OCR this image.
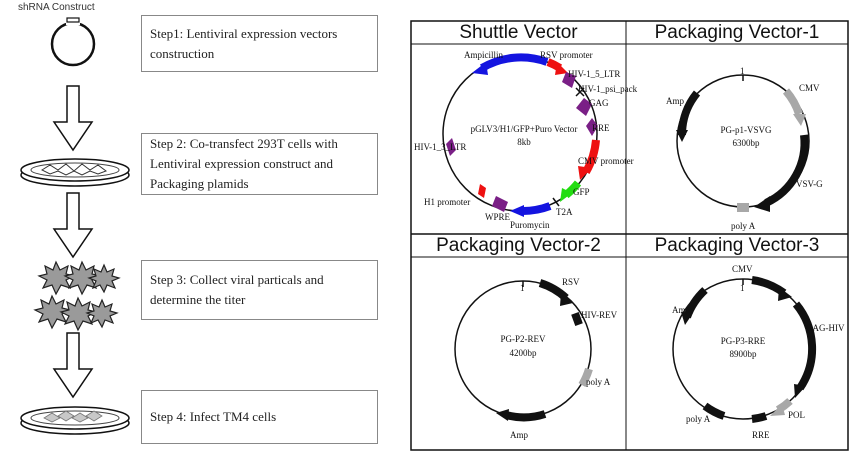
shRNA Construct
Step1: Lentiviral expression vectors construction
Step 2: Co-transfect 293T cells with Lentiviral expression construct and Packaging plamids
Step 3: Collect viral particals and determine the titer
Step 4: Infect TM4 cells
Ampicillin	RSV promoter
HIV-1_5_LTR
HIV-1_psi_pack
GAG
RRE
CMV promoter
GFP
T2A
Puromycin
WPRE
H1 promoter
HIV-1_3_LTR
pGLV3/H1/GFP+Puro Vector
8kb
1
CMV
VSV-G
poly A
Amp
PG-p1-VSVG
6300bp
1
RSV
HIV-REV
poly A
Amp
PG-P2-REV
4200bp
1
CMV
GAG-HIV
POL
RRE
poly A
Amp
PG-P3-RRE
8900bp
Shuttle Vector	Packaging Vector-1
Packaging Vector-2	Packaging Vector-3
